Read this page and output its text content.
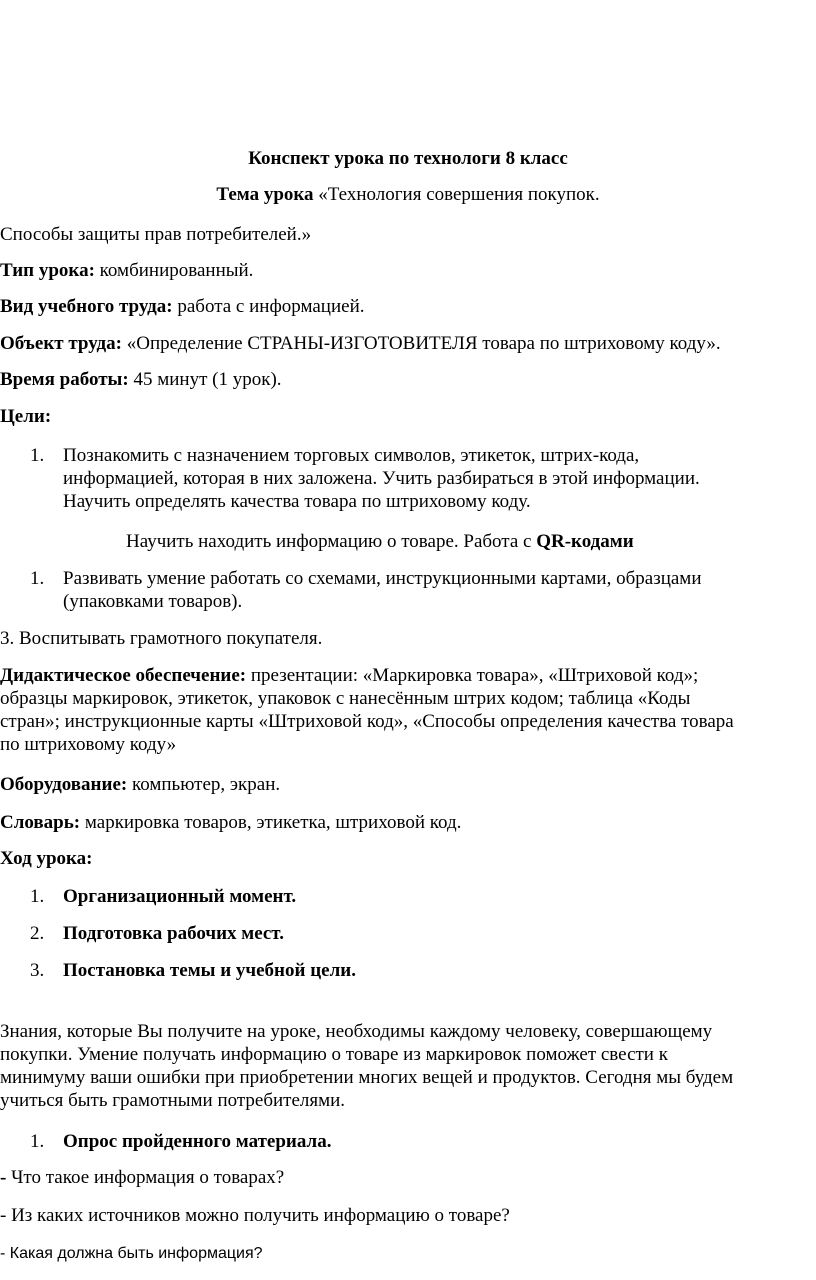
Конспект урока по технологи 8 класс
Тема урока «Технология совершения покупок.
Способы защиты прав потребителей.»
Тип урока: комбинированный.
Вид учебного труда: работа с информацией.
Объект труда: «Определение СТРАНЫ-ИЗГОТОВИТЕЛЯ товара по штриховому коду».
Время работы: 45 минут (1 урок).
Цели:
1. Познакомить с назначением торговых символов, этикеток, штрих-кода,
информацией, которая в них заложена. Учить разбираться в этой информации.
Научить определять качества товара по штриховому коду.
Научить находить информацию о товаре. Работа с QR-кодами
1. Развивать умение работать со схемами, инструкционными картами, образцами
(упаковками товаров).
3. Воспитывать грамотного покупателя.
Дидактическое обеспечение: презентации: «Маркировка товара», «Штриховой код»;
образцы маркировок, этикеток, упаковок с нанесённым штрих кодом; таблица «Коды
стран»; инструкционные карты «Штриховой код», «Способы определения качества товара
по штриховому коду»
Оборудование: компьютер, экран.
Словарь: маркировка товаров, этикетка, штриховой код.
Ход урока:
1. Организационный момент.
2. Подготовка рабочих мест.
3. Постановка темы и учебной цели.
Знания, которые Вы получите на уроке, необходимы каждому человеку, совершающему
покупки. Умение получать информацию о товаре из маркировок поможет свести к
минимуму ваши ошибки при приобретении многих вещей и продуктов. Сегодня мы будем
учиться быть грамотными потребителями.
1. Опрос пройденного материала.
- Что такое информация о товарах?
- Из каких источников можно получить информацию о товаре?
- Какая должна быть информация?
